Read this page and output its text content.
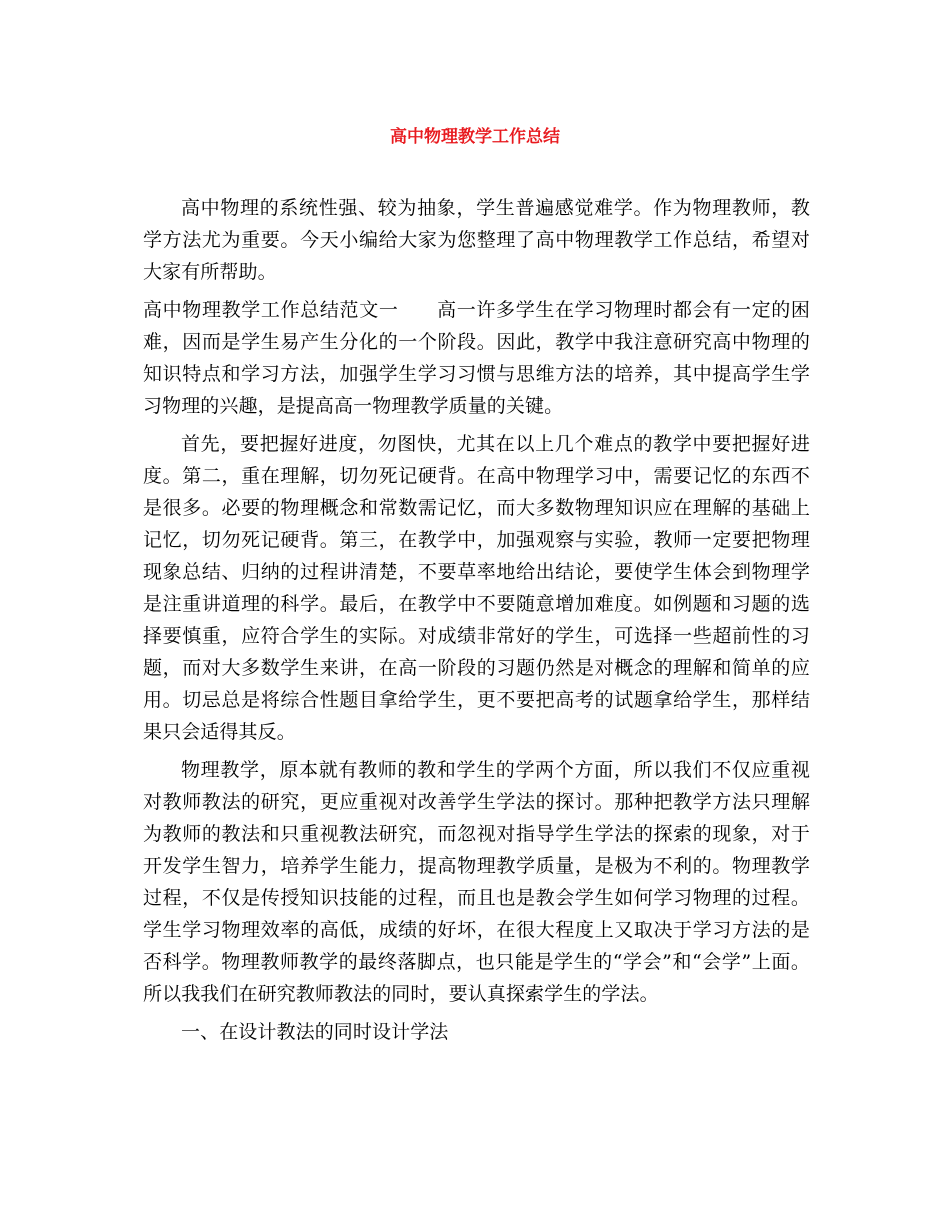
高中物理教学工作总结

高中物理的系统性强、较为抽象，学生普遍感觉难学。作为物理教师，教学方法尤为重要。今天小编给大家为您整理了高中物理教学工作总结，希望对大家有所帮助。

高中物理教学工作总结范文一 高一许多学生在学习物理时都会有一定的困难，因而是学生易产生分化的一个阶段。因此，教学中我注意研究高中物理的知识特点和学习方法，加强学生学习习惯与思维方法的培养，其中提高学生学习物理的兴趣，是提高高一物理教学质量的关键。

首先，要把握好进度，勿图快，尤其在以上几个难点的教学中要把握好进度。第二，重在理解，切勿死记硬背。在高中物理学习中，需要记忆的东西不是很多。必要的物理概念和常数需记忆，而大多数物理知识应在理解的基础上记忆，切勿死记硬背。第三，在教学中，加强观察与实验，教师一定要把物理现象总结、归纳的过程讲清楚，不要草率地给出结论，要使学生体会到物理学是注重讲道理的科学。最后，在教学中不要随意增加难度。如例题和习题的选择要慎重，应符合学生的实际。对成绩非常好的学生，可选择一些超前性的习题，而对大多数学生来讲，在高一阶段的习题仍然是对概念的理解和简单的应用。切忌总是将综合性题目拿给学生，更不要把高考的试题拿给学生，那样结果只会适得其反。

物理教学，原本就有教师的教和学生的学两个方面，所以我们不仅应重视对教师教法的研究，更应重视对改善学生学法的探讨。那种把教学方法只理解为教师的教法和只重视教法研究，而忽视对指导学生学法的探索的现象，对于开发学生智力，培养学生能力，提高物理教学质量，是极为不利的。物理教学过程，不仅是传授知识技能的过程，而且也是教会学生如何学习物理的过程。学生学习物理效率的高低，成绩的好坏，在很大程度上又取决于学习方法的是否科学。物理教师教学的最终落脚点，也只能是学生的“学会”和“会学”上面。所以我我们在研究教师教法的同时，要认真探索学生的学法。

一、在设计教法的同时设计学法
